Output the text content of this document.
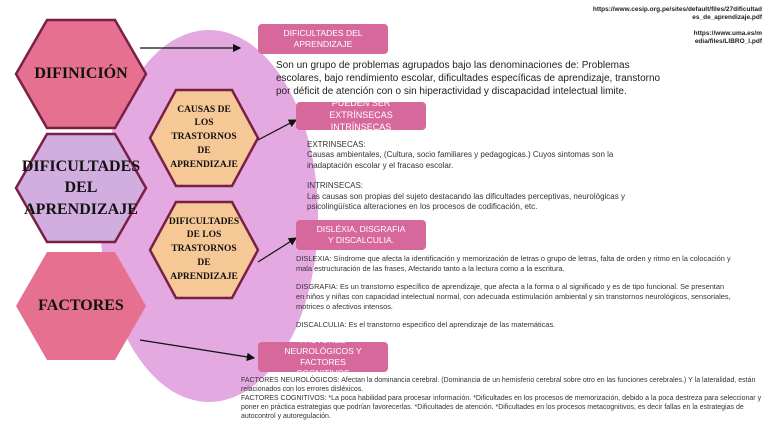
DIFINICIÓN
DIFICULTADES DEL APRENDIZAJE
FACTORES
CAUSAS DE LOS TRASTORNOS DE APRENDIZAJE
DIFICULTADES DE LOS TRASTORNOS DE APRENDIZAJE
DIFICULTADES DEL APRENDIZAJE
Son un grupo de problemas agrupados bajo las denominaciones de: Problemas escolares, bajo rendimiento escolar, dificultades específicas de aprendizaje, transtorno por déficit de atención con o sin hiperactividad y discapacidad intelectual limite.
PUEDEN SER EXTRÍNSECAS INTRÍNSECAS

EXTRINSECAS:

Causas ambientales, (Cultura, socio familiares y pedagogicas.) Cuyos sintomas son la inadaptación escolar y el fracaso escolar.

INTRINSECAS:

Las causas son propias del sujeto destacando las dificultades perceptivas, neurológicas y psicolingüística alteraciones en los procesos de codificación, etc.

DISLÉXIA, DISGRAFIA Y DISCALCULIA.

DISLEXIA: Síndrome que afecta la identificación y memorización de letras o grupo de letras, falta de orden y ritmo en la colocación y mala estructuración de las frases, Afectando tanto a la lectura como a la escritura.

DISGRAFIA: Es un transtorno específico de aprendizaje, que afecta a la forma o al significado y es de tipo funcional. Se presentan en niños y niñas con capacidad intelectual normal, con adecuada estimulación ambiental y sin transtornos neurológicos, sensoriales, motrices o afectivos intensos.

DISCALCULIA: Es el transtorno especifico del aprendizaje de las matemáticas.

FACTORES NEUROLÓGICOS Y FACTORES COGNITIVOS

FACTORES NEUROLÓGICOS: Afectan la dominancia cerebral. (Dominancia de un hemisferio cerebral sobre otro en las funciones cerebrales.) Y la lateralidad, están relacionados con los errores disléxicos.

FACTORES COGNITIVOS: *La poca habilidad para procesar información. *Dificultades en los procesos de memorización, debido a la poca destreza para seleccionar y poner en práctica estrategias que podrían favorecerlas. *Dificultades de atención. *Dificultades en los procesos metacognitivos, es decir fallas en la estrategias de autocontrol y autoregulación.

https://www.cesip.org.pe/sites/default/files/27dificultad es_de_aprendizaje.pdf
https://www.uma.es/m edia/files/LIBRO_l.pdf
